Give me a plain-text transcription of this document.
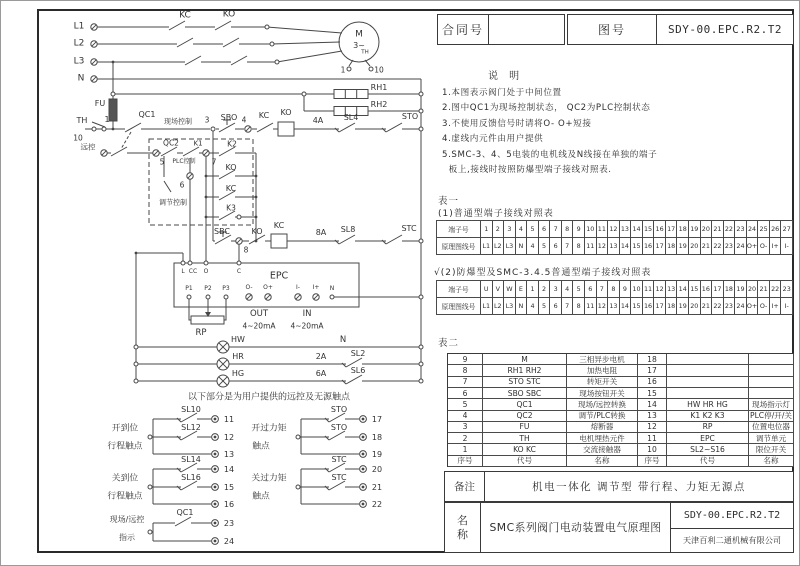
L1
L2
L3
N
KC	KO
M
3~
TH
1	10
RH1
RH2
FU
TH 1
10
QC1
现场控制 3 SBO 4 KC KO
4A	SL4	STO
远控
5
QC2
PLC控制
K1
7
K2
6
KO
KC
K3
调节控制
SBC
8
KO
KC
8A SL8	STC
EPC
L CC O	C
P1 P2 P3	O- O+	I- I+ N
OUT
4~20mA
IN
4~20mA
RP
HW	N
HR	2A	SL2
HG	6A	SL6
以下部分是为用户提供的远控及无源触点
开到位
行程触点
SL10
11
SL12
12
13
开过力矩
触点
STO
17
STO
18
19
关到位
行程触点
SL14
14
SL16
15
16
关过力矩
触点
STC
20
STC
21
22
现场/远控
指示
QC1
23
24
合同号	图号	SDY-00.EPC.R2.T2
说 明
1.本图表示阀门处于中间位置
2.图中QC1为现场控制状态， QC2为PLC控制状态
3.不使用反馈信号时请将O- O+短接
4.虚线内元件由用户提供
5.SMC-3、4、5电装的电机线及N线接在单独的端子
板上,接线时按照防爆型端子接线对照表.
表一
(1)普通型端子接线对照表
端子号	1	2	3	4	5	6	7	8	9 10 11 12 13 14 15 16 17 18 19 20 21 22 23 24 25 26 27
原理图线号	L1 L2 L3 N	4	5	6	7	8 11 12 13 14 15 16 17 18 19 20 21 22 23 24 O+ O- I+ I-
√(2)防爆型及SMC-3.4.5普通型端子接线对照表
端子号	U	V W E	1	2	3	4	5	6	7	8	9 10 11 12 13 14 15 16 17 18 19 20 21 22 23
原理图线号	L1 L2 L3 N	4	5	6	7	8 11 12 13 14 15 16 17 18 19 20 21 22 23 24 O+ O- I+ I-
表二
9	M	三相异步电机	18
8	RH1 RH2	加热电阻	17
7	STO STC	转矩开关	16
6	SBO SBC	现场按钮开关	15
5	QC1	现场/远控转换	14	HW HR HG	现场指示灯
4	QC2	调节/PLC转换	13	K1 K2 K3	PLC停/开/关
3	FU	熔断器	12	RP	位置电位器
2	TH	电机埋热元件	11	EPC	调节单元
1	KO KC	交流接触器	10	SL2~S16	限位开关
序号	代号	名称	序号	代号	名称
备注	机电一体化 调节型 带行程、力矩无源点
名称	SMC系列阀门电动装置电气原理图
SDY-00.EPC.R2.T2
天津百利二通机械有限公司
